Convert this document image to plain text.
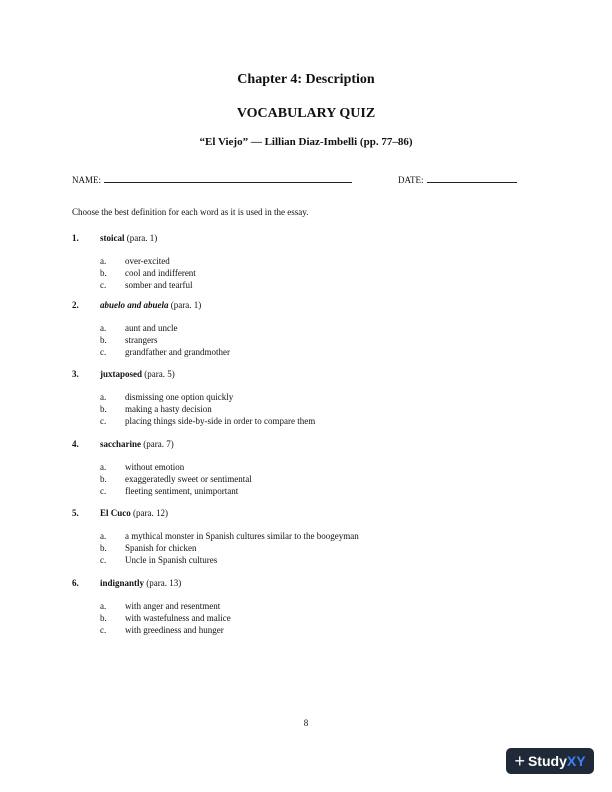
Chapter 4: Description
VOCABULARY QUIZ
“El Viejo” — Lillian Diaz-Imbelli (pp. 77–86)
NAME:	DATE:
Choose the best definition for each word as it is used in the essay.
1. stoical (para. 1)
a. over-excited
b. cool and indifferent
c. somber and tearful
2. abuelo and abuela (para. 1)
a. aunt and uncle
b. strangers
c. grandfather and grandmother
3. juxtaposed (para. 5)
a. dismissing one option quickly
b. making a hasty decision
c. placing things side-by-side in order to compare them
4. saccharine (para. 7)
a. without emotion
b. exaggeratedly sweet or sentimental
c. fleeting sentiment, unimportant
5. El Cuco (para. 12)
a. a mythical monster in Spanish cultures similar to the boogeyman
b. Spanish for chicken
c. Uncle in Spanish cultures
6. indignantly (para. 13)
a. with anger and resentment
b. with wastefulness and malice
c. with greediness and hunger
8
+ Study XY
